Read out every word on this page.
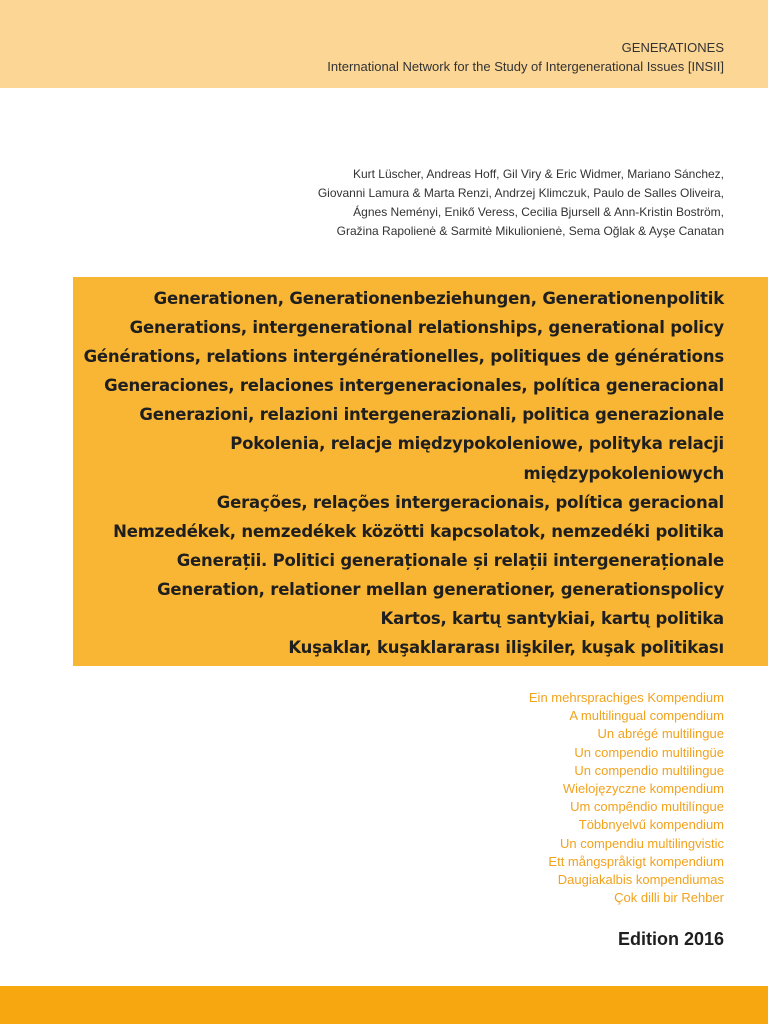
GENERATIONES
International Network for the Study of Intergenerational Issues [INSII]
Kurt Lüscher, Andreas Hoff, Gil Viry & Eric Widmer, Mariano Sánchez,
Giovanni Lamura & Marta Renzi, Andrzej Klimczuk, Paulo de Salles Oliveira,
Ágnes Neményi, Enikő Veress, Cecilia Bjursell & Ann-Kristin Boström,
Gražina Rapolienė & Sarmitė Mikulionienė, Sema Oğlak & Ayşe Canatan
Generationen, Generationenbeziehungen, Generationenpolitik
Generations, intergenerational relationships, generational policy
Générations, relations intergénérationelles, politiques de générations
Generaciones, relaciones intergeneracionales, política generacional
Generazioni, relazioni intergenerazionali, politica generazionale
Pokolenia, relacje międzypokoleniowe, polityka relacji
międzypokoleniowych
Gerações, relações intergeracionais, política geracional
Nemzedékek, nemzedékek közötti kapcsolatok, nemzedéki politika
Generații. Politici generaționale și relații intergeneraționale
Generation, relationer mellan generationer, generationspolicy
Kartos, kartų santykiai, kartų politika
Kuşaklar, kuşaklararası ilişkiler, kuşak politikası
Ein mehrsprachiges Kompendium
A multilingual compendium
Un abrégé multilingue
Un compendio multilingüe
Un compendio multilingue
Wielojęzyczne kompendium
Um compêndio multilíngue
Többnyelvű kompendium
Un compendiu multilingvistic
Ett mångspråkigt kompendium
Daugiakalbis kompendiumas
Çok dilli bir Rehber
Edition 2016
